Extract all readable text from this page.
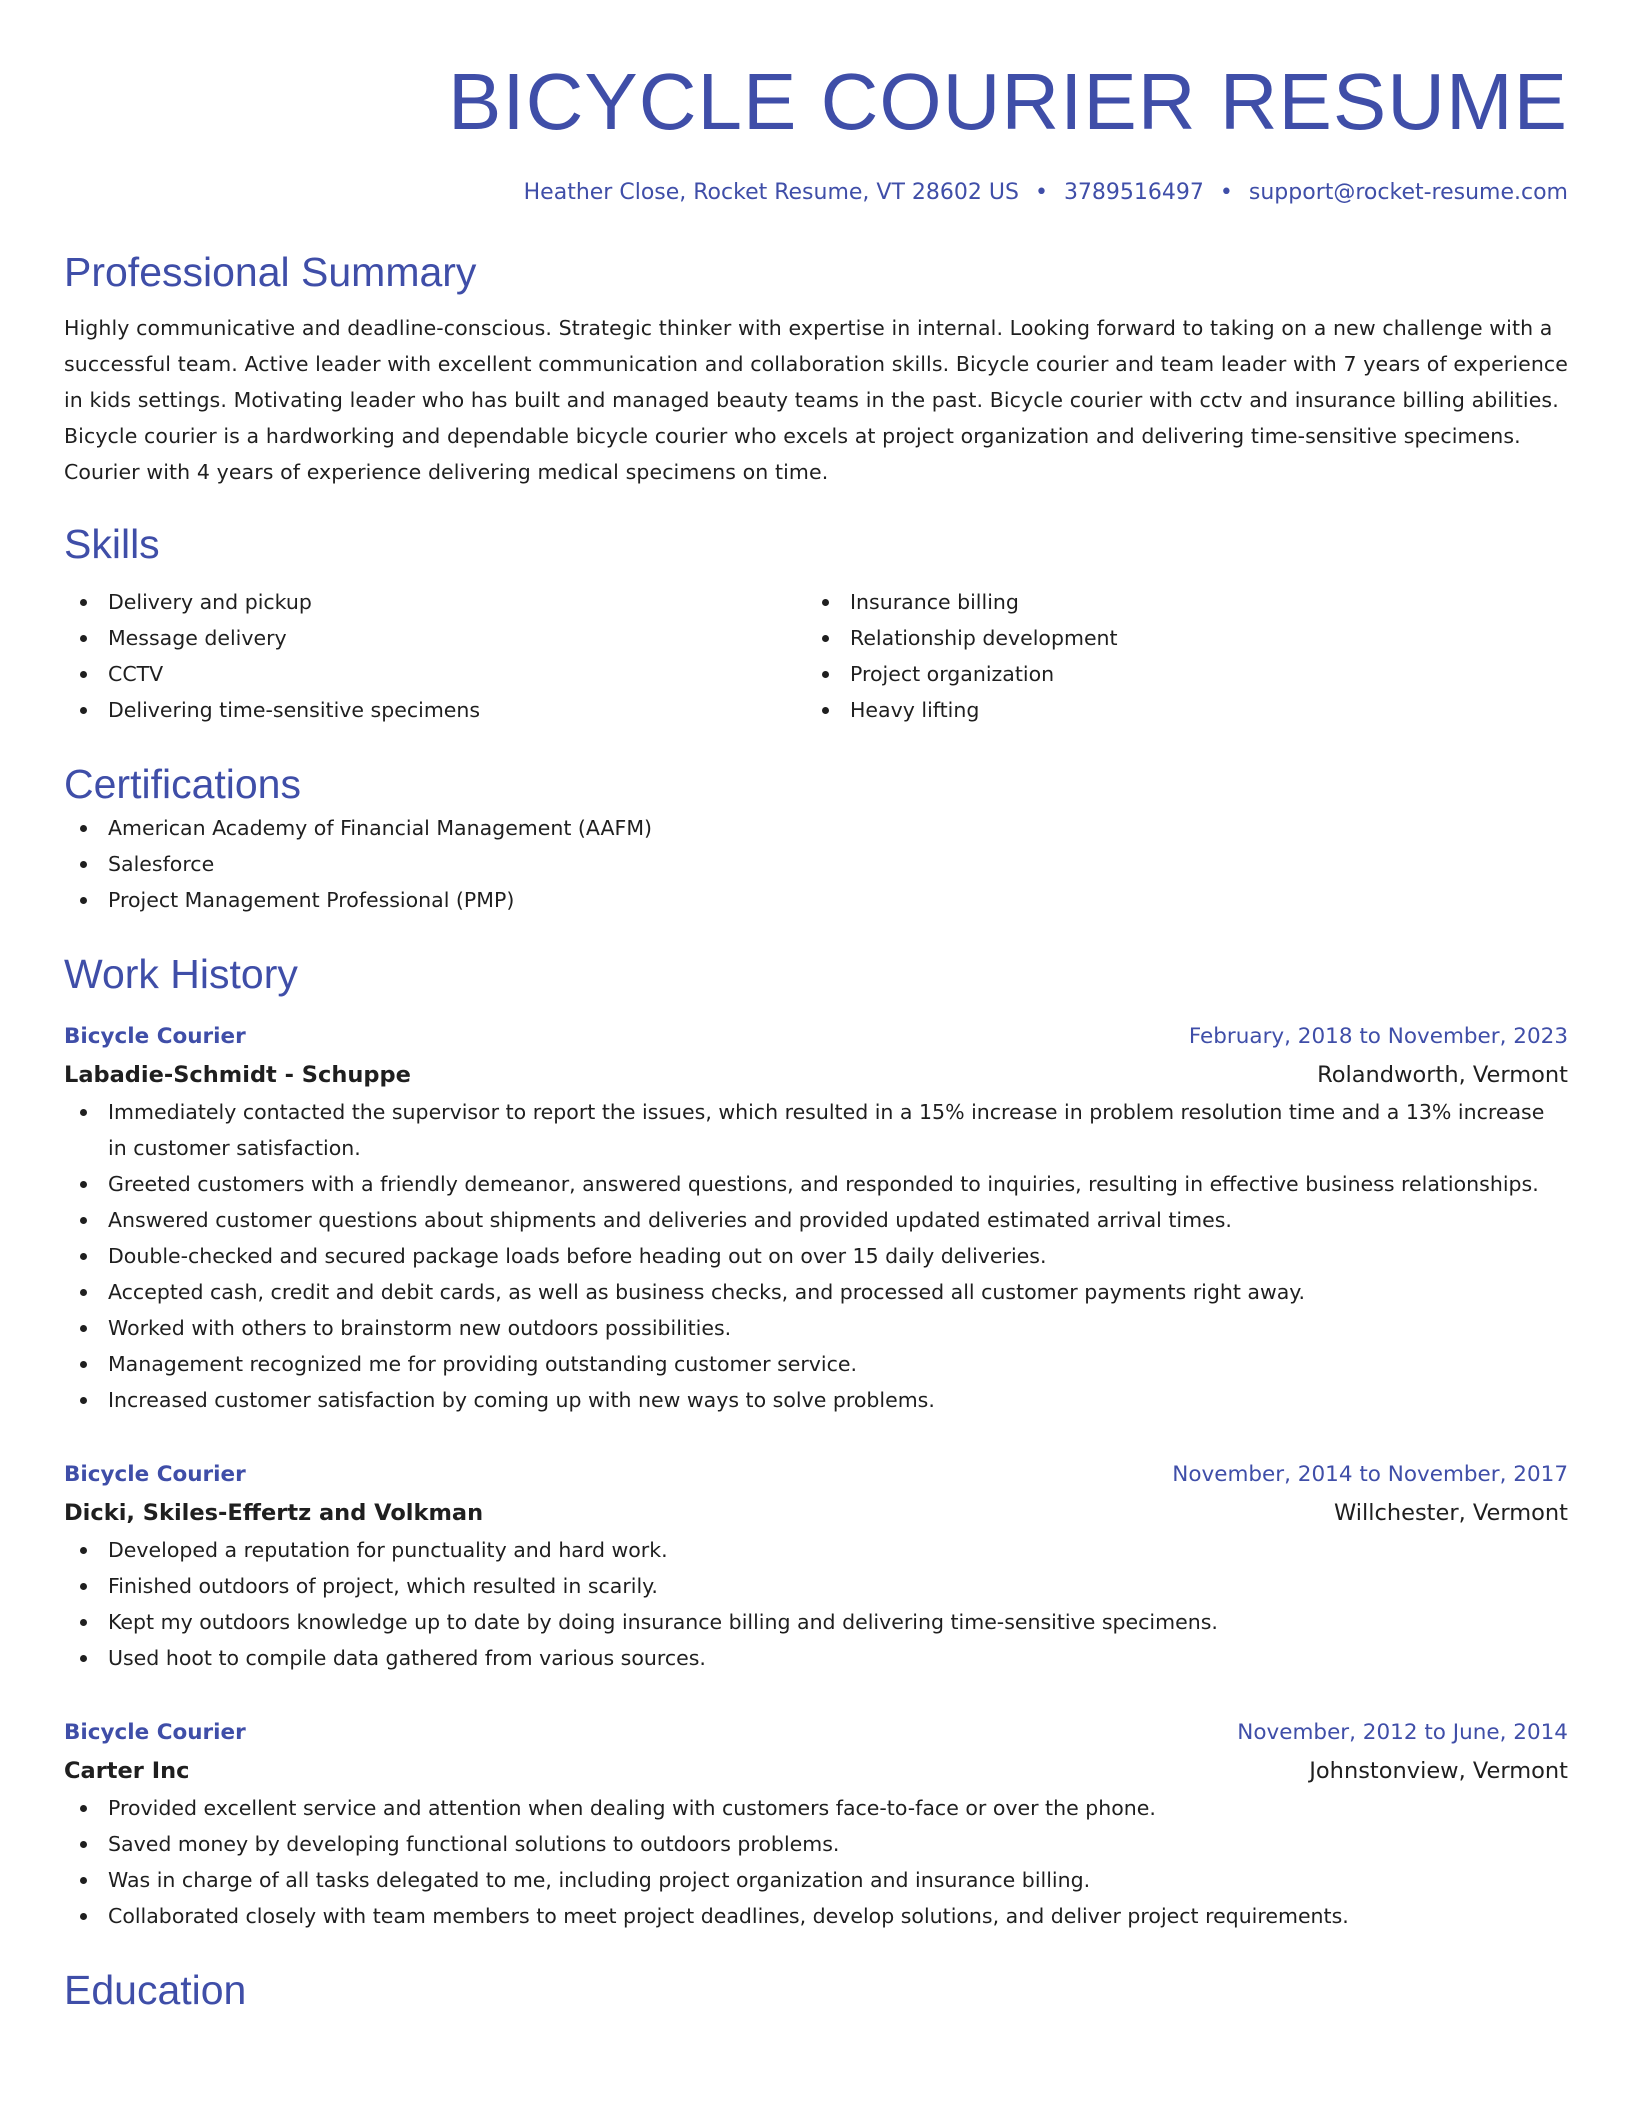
BICYCLE COURIER RESUME
Heather Close, Rocket Resume, VT 28602 US • 3789516497 • support@rocket-resume.com
Professional Summary

Highly communicative and deadline-conscious. Strategic thinker with expertise in internal. Looking forward to taking on a new challenge with a successful team. Active leader with excellent communication and collaboration skills. Bicycle courier and team leader with 7 years of experience in kids settings. Motivating leader who has built and managed beauty teams in the past. Bicycle courier with cctv and insurance billing abilities. Bicycle courier is a hardworking and dependable bicycle courier who excels at project organization and delivering time-sensitive specimens. Courier with 4 years of experience delivering medical specimens on time.

Skills
Delivery and pickup
Message delivery
CCTV
Delivering time-sensitive specimens
Insurance billing
Relationship development
Project organization
Heavy lifting
Certifications
American Academy of Financial Management (AAFM)
Salesforce
Project Management Professional (PMP)
Work History
Bicycle Courier	February, 2018 to November, 2023
Labadie-Schmidt - Schuppe	Rolandworth, Vermont
Immediately contacted the supervisor to report the issues, which resulted in a 15% increase in problem resolution time and a 13% increase in customer satisfaction.
Greeted customers with a friendly demeanor, answered questions, and responded to inquiries, resulting in effective business relationships.
Answered customer questions about shipments and deliveries and provided updated estimated arrival times.
Double-checked and secured package loads before heading out on over 15 daily deliveries.
Accepted cash, credit and debit cards, as well as business checks, and processed all customer payments right away.
Worked with others to brainstorm new outdoors possibilities.
Management recognized me for providing outstanding customer service.
Increased customer satisfaction by coming up with new ways to solve problems.
Bicycle Courier	November, 2014 to November, 2017
Dicki, Skiles-Effertz and Volkman	Willchester, Vermont
Developed a reputation for punctuality and hard work.
Finished outdoors of project, which resulted in scarily.
Kept my outdoors knowledge up to date by doing insurance billing and delivering time-sensitive specimens.
Used hoot to compile data gathered from various sources.
Bicycle Courier	November, 2012 to June, 2014
Carter Inc	Johnstonview, Vermont
Provided excellent service and attention when dealing with customers face-to-face or over the phone.
Saved money by developing functional solutions to outdoors problems.
Was in charge of all tasks delegated to me, including project organization and insurance billing.
Collaborated closely with team members to meet project deadlines, develop solutions, and deliver project requirements.
Education
